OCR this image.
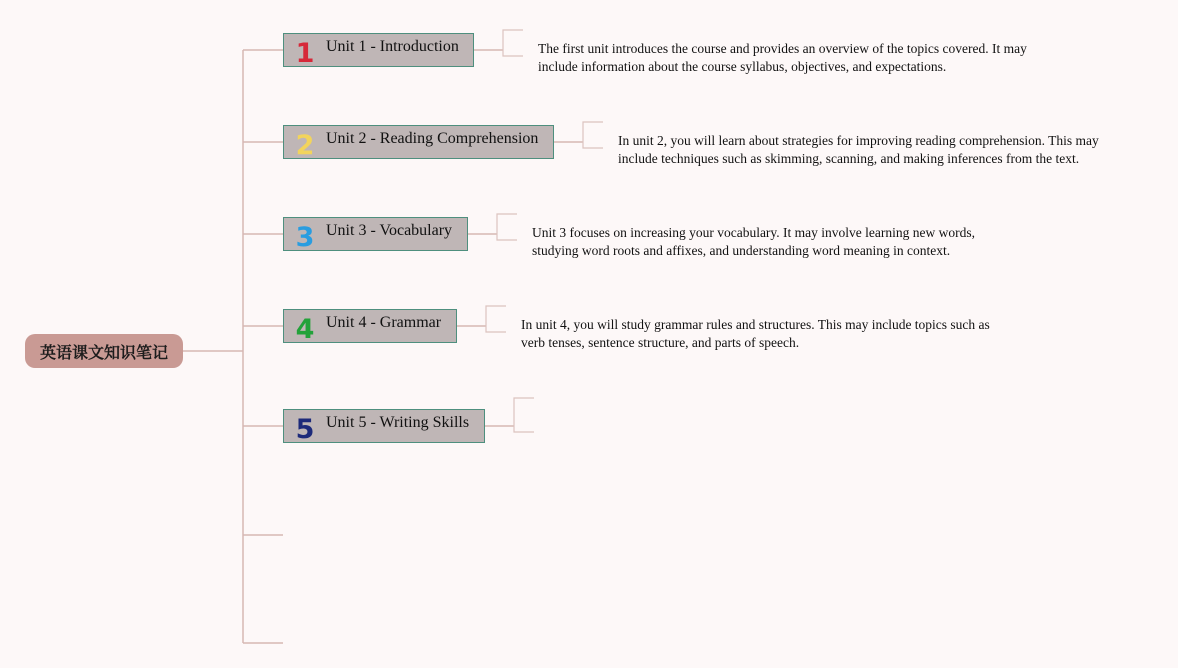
英语课文知识笔记
1 Unit 1 - Introduction	The first unit introduces the course and provides an overview of the topics covered. It may include information about the course syllabus, objectives, and expectations.
2 Unit 2 - Reading Comprehension	In unit 2, you will learn about strategies for improving reading comprehension. This may include techniques such as skimming, scanning, and making inferences from the text.
3 Unit 3 - Vocabulary	Unit 3 focuses on increasing your vocabulary. It may involve learning new words, studying word roots and affixes, and understanding word meaning in context.
4 Unit 4 - Grammar	In unit 4, you will study grammar rules and structures. This may include topics such as verb tenses, sentence structure, and parts of speech.
5 Unit 5 - Writing Skills
